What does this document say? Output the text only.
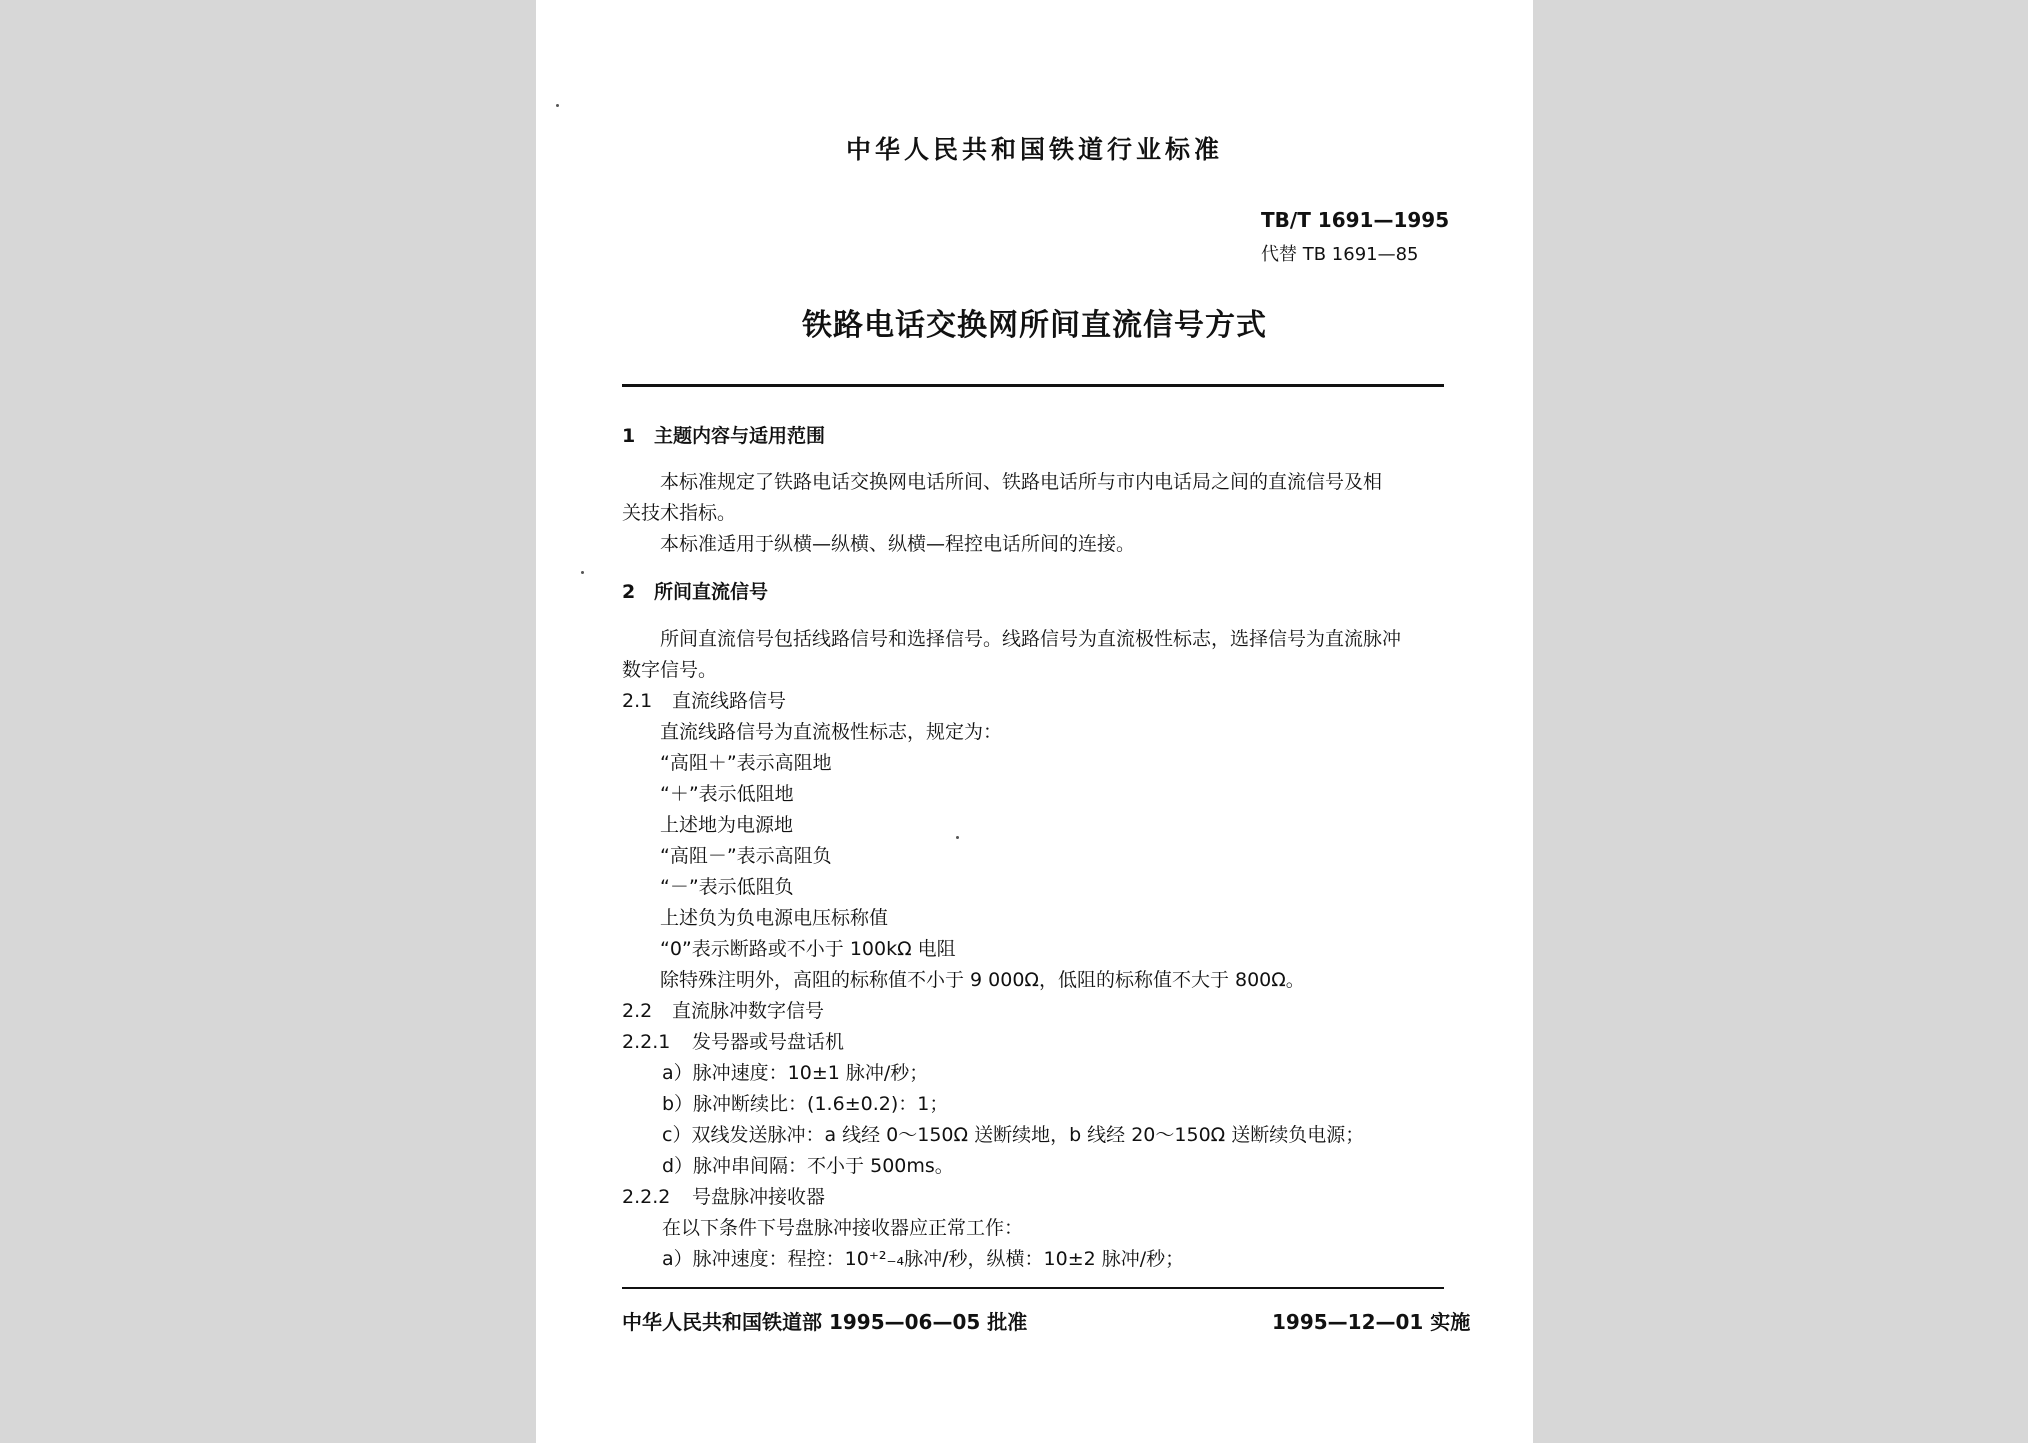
中华人民共和国铁道行业标准
TB/T 1691—1995
代替 TB 1691—85
铁路电话交换网所间直流信号方式
1 主题内容与适用范围
本标准规定了铁路电话交换网电话所间、铁路电话所与市内电话局之间的直流信号及相
关技术指标。
本标准适用于纵横—纵横、纵横—程控电话所间的连接。
2 所间直流信号
所间直流信号包括线路信号和选择信号。线路信号为直流极性标志，选择信号为直流脉冲
数字信号。
2.1 直流线路信号
直流线路信号为直流极性标志，规定为：
“高阻＋”表示高阻地
“＋”表示低阻地
上述地为电源地
“高阻－”表示高阻负
“－”表示低阻负
上述负为负电源电压标称值
“0”表示断路或不小于 100kΩ 电阻
除特殊注明外，高阻的标称值不小于 9 000Ω，低阻的标称值不大于 800Ω。
2.2 直流脉冲数字信号
2.2.1 发号器或号盘话机
a）脉冲速度：10±1 脉冲/秒；
b）脉冲断续比：(1.6±0.2)：1；
c）双线发送脉冲：a 线经 0～150Ω 送断续地，b 线经 20～150Ω 送断续负电源；
d）脉冲串间隔：不小于 500ms。
2.2.2 号盘脉冲接收器
在以下条件下号盘脉冲接收器应正常工作：
a）脉冲速度：程控：10⁺²₋₄脉冲/秒，纵横：10±2 脉冲/秒；
中华人民共和国铁道部 1995—06—05 批准	1995—12—01 实施
